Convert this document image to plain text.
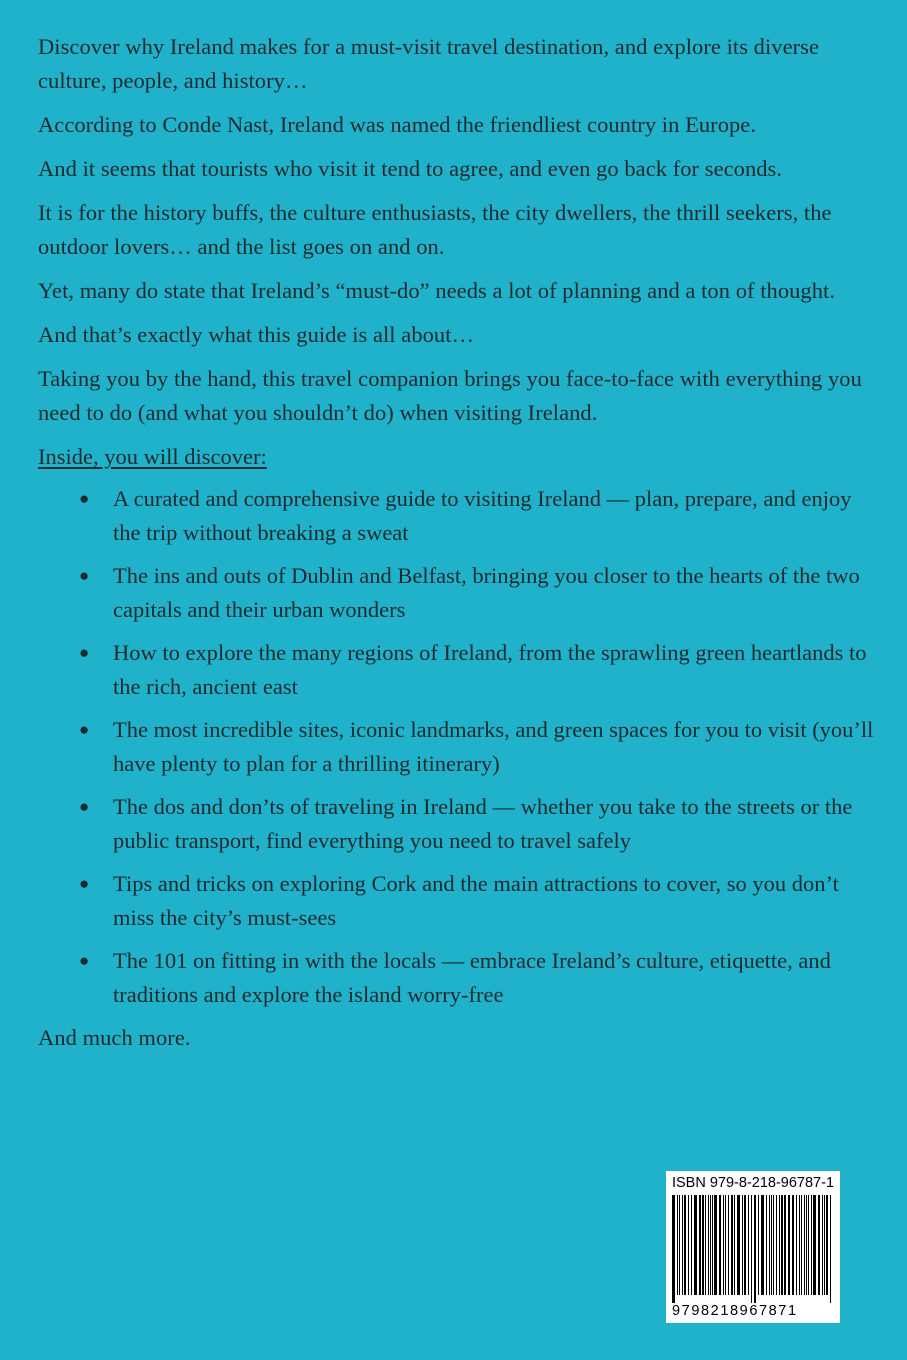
Discover why Ireland makes for a must-visit travel destination, and explore its diverse culture, people, and history…

According to Conde Nast, Ireland was named the friendliest country in Europe.

And it seems that tourists who visit it tend to agree, and even go back for seconds.

It is for the history buffs, the culture enthusiasts, the city dwellers, the thrill seekers, the outdoor lovers… and the list goes on and on.

Yet, many do state that Ireland’s “must-do” needs a lot of planning and a ton of thought.

And that’s exactly what this guide is all about…

Taking you by the hand, this travel companion brings you face-to-face with everything you need to do (and what you shouldn’t do) when visiting Ireland.

Inside, you will discover:

● A curated and comprehensive guide to visiting Ireland — plan, prepare, and enjoy the trip without breaking a sweat
● The ins and outs of Dublin and Belfast, bringing you closer to the hearts of the two capitals and their urban wonders
● How to explore the many regions of Ireland, from the sprawling green heartlands to the rich, ancient east
● The most incredible sites, iconic landmarks, and green spaces for you to visit (you’ll have plenty to plan for a thrilling itinerary)
● The dos and don’ts of traveling in Ireland — whether you take to the streets or the public transport, find everything you need to travel safely
● Tips and tricks on exploring Cork and the main attractions to cover, so you don’t miss the city’s must-sees
● The 101 on fitting in with the locals — embrace Ireland’s culture, etiquette, and traditions and explore the island worry-free

And much more.

ISBN 979-8-218-96787-1
9798218967871
